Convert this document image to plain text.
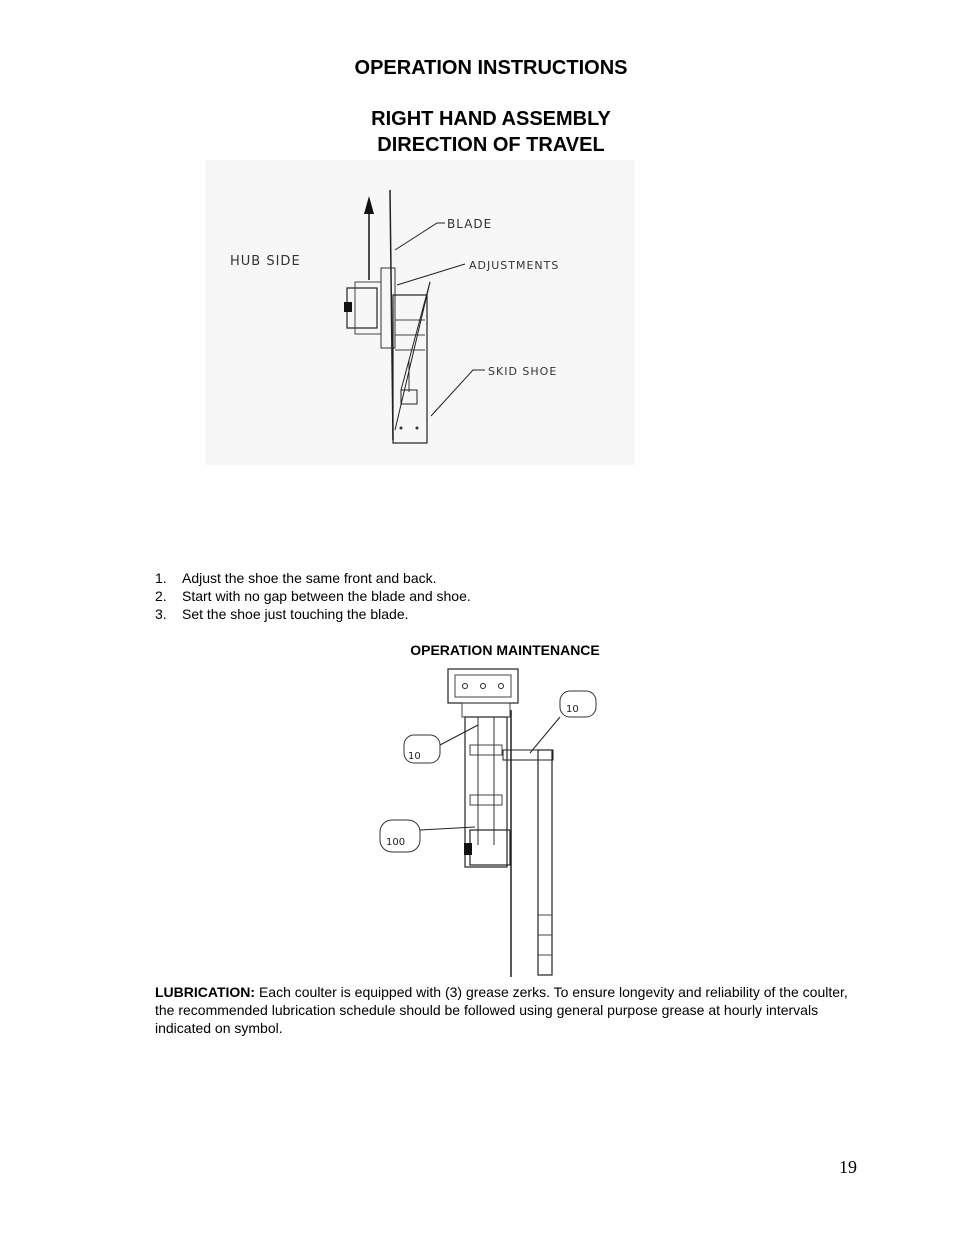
OPERATION INSTRUCTIONS
RIGHT HAND ASSEMBLY
DIRECTION OF TRAVEL
HUB SIDE
BLADE
ADJUSTMENTS
SKID SHOE
1. Adjust the shoe the same front and back.
2. Start with no gap between the blade and shoe.
3. Set the shoe just touching the blade.
OPERATION MAINTENANCE
10
10
100
LUBRICATION: Each coulter is equipped with (3) grease zerks. To ensure longevity and reliability of the coulter, the recommended lubrication schedule should be followed using general purpose grease at hourly intervals indicated on symbol.
19
